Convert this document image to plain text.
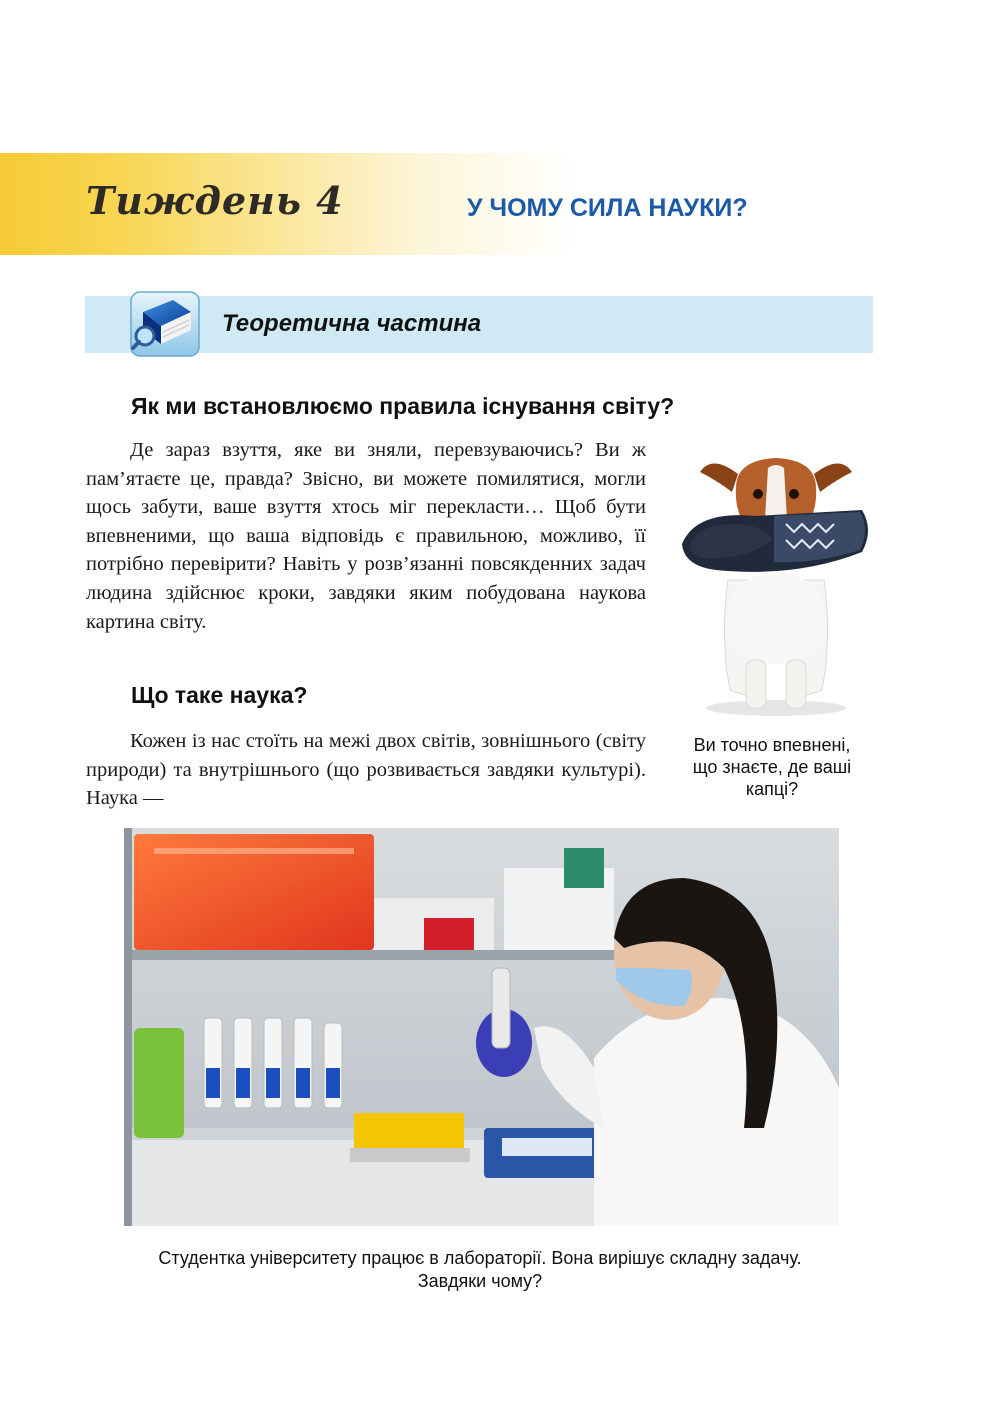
Тиждень 4	У ЧОМУ СИЛА НАУКИ?
Теоретична частина
Як ми встановлюємо правила існування світу?

Де зараз взуття, яке ви зняли, перевзуваючись? Ви ж пам’ятаєте це, правда? Звісно, ви можете помилятися, могли щось забути, ваше взуття хтось міг перекласти… Щоб бути впевненими, що ваша відповідь є правильною, можливо, її потрібно перевірити? Навіть у розв’язанні повсякденних задач людина здійснює кроки, завдяки яким побудована наукова картина світу.

Що таке наука?

Кожен із нас стоїть на межі двох світів, зовнішнього (світу природи) та внутрішнього (що розвивається завдяки культурі). Наука —

Ви точно впевнені,
що знаєте, де ваші
капці?
Студентка університету працює в лабораторії. Вона вирішує складну задачу.
Завдяки чому?
